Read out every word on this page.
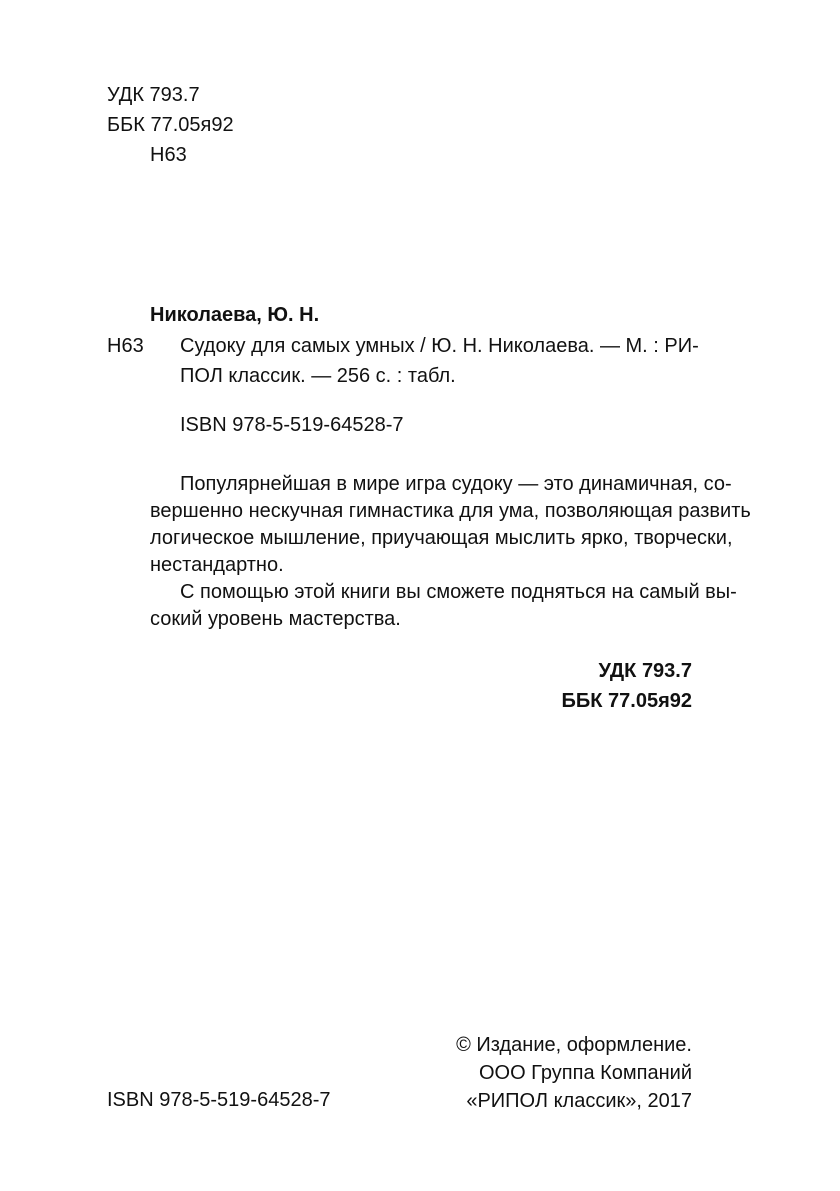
УДК 793.7
ББК 77.05я92
Н63
Николаева, Ю. Н.
Н63 Судоку для самых умных / Ю. Н. Николаева. — М. : РИ-
ПОЛ классик. — 256 с. : табл.
ISBN 978-5-519-64528-7
Популярнейшая в мире игра судоку — это динамичная, со-
вершенно нескучная гимнастика для ума, позволяющая развить
логическое мышление, приучающая мыслить ярко, творчески,
нестандартно.
С помощью этой книги вы сможете подняться на самый вы-
сокий уровень мастерства.
УДК 793.7
ББК 77.05я92
ISBN 978-5-519-64528-7
© Издание, оформление.
ООО Группа Компаний
«РИПОЛ классик», 2017
